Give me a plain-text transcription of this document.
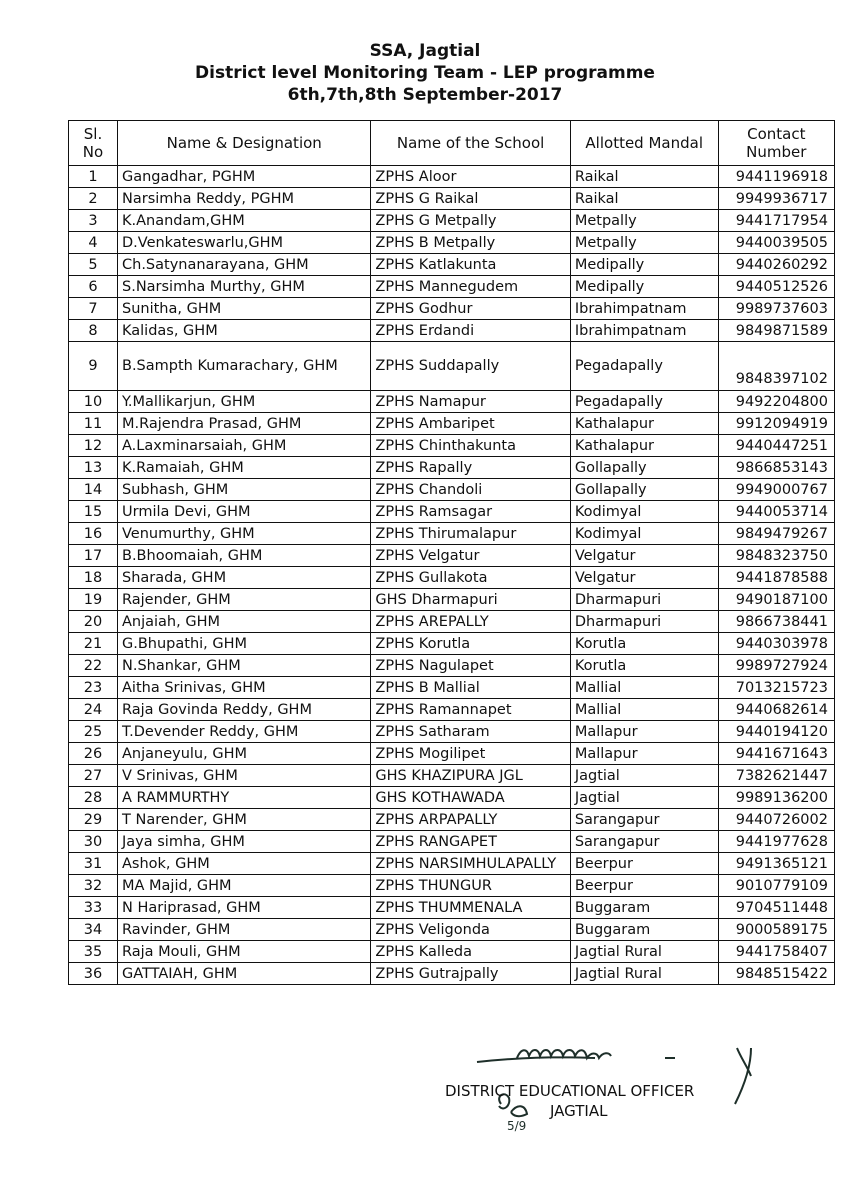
SSA, Jagtial
District level Monitoring Team - LEP programme
6th,7th,8th September-2017
Sl. No	Name & Designation	Name of the School	Allotted Mandal	Contact Number
1	Gangadhar, PGHM	ZPHS Aloor	Raikal	9441196918
2	Narsimha Reddy, PGHM	ZPHS G Raikal	Raikal	9949936717
3	K.Anandam,GHM	ZPHS G Metpally	Metpally	9441717954
4	D.Venkateswarlu,GHM	ZPHS B Metpally	Metpally	9440039505
5	Ch.Satynanarayana, GHM	ZPHS Katlakunta	Medipally	9440260292
6	S.Narsimha Murthy, GHM	ZPHS Mannegudem	Medipally	9440512526
7	Sunitha, GHM	ZPHS Godhur	Ibrahimpatnam	9989737603
8	Kalidas, GHM	ZPHS Erdandi	Ibrahimpatnam	9849871589
9	B.Sampth Kumarachary, GHM	ZPHS Suddapally	Pegadapally	9848397102
10	Y.Mallikarjun, GHM	ZPHS Namapur	Pegadapally	9492204800
11	M.Rajendra Prasad, GHM	ZPHS Ambaripet	Kathalapur	9912094919
12	A.Laxminarsaiah, GHM	ZPHS Chinthakunta	Kathalapur	9440447251
13	K.Ramaiah, GHM	ZPHS Rapally	Gollapally	9866853143
14	Subhash, GHM	ZPHS Chandoli	Gollapally	9949000767
15	Urmila Devi, GHM	ZPHS Ramsagar	Kodimyal	9440053714
16	Venumurthy, GHM	ZPHS Thirumalapur	Kodimyal	9849479267
17	B.Bhoomaiah, GHM	ZPHS Velgatur	Velgatur	9848323750
18	Sharada, GHM	ZPHS Gullakota	Velgatur	9441878588
19	Rajender, GHM	GHS Dharmapuri	Dharmapuri	9490187100
20	Anjaiah, GHM	ZPHS AREPALLY	Dharmapuri	9866738441
21	G.Bhupathi, GHM	ZPHS Korutla	Korutla	9440303978
22	N.Shankar, GHM	ZPHS Nagulapet	Korutla	9989727924
23	Aitha Srinivas, GHM	ZPHS B Mallial	Mallial	7013215723
24	Raja Govinda Reddy, GHM	ZPHS Ramannapet	Mallial	9440682614
25	T.Devender Reddy, GHM	ZPHS Satharam	Mallapur	9440194120
26	Anjaneyulu, GHM	ZPHS Mogilipet	Mallapur	9441671643
27	V Srinivas, GHM	GHS KHAZIPURA JGL	Jagtial	7382621447
28	A RAMMURTHY	GHS KOTHAWADA	Jagtial	9989136200
29	T Narender, GHM	ZPHS ARPAPALLY	Sarangapur	9440726002
30	Jaya simha, GHM	ZPHS RANGAPET	Sarangapur	9441977628
31	Ashok, GHM	ZPHS NARSIMHULAPALLY	Beerpur	9491365121
32	MA Majid, GHM	ZPHS THUNGUR	Beerpur	9010779109
33	N Hariprasad, GHM	ZPHS THUMMENALA	Buggaram	9704511448
34	Ravinder, GHM	ZPHS Veligonda	Buggaram	9000589175
35	Raja Mouli, GHM	ZPHS Kalleda	Jagtial Rural	9441758407
36	GATTAIAH, GHM	ZPHS Gutrajpally	Jagtial Rural	9848515422
5/9
DISTRICT EDUCATIONAL OFFICER
JAGTIAL
